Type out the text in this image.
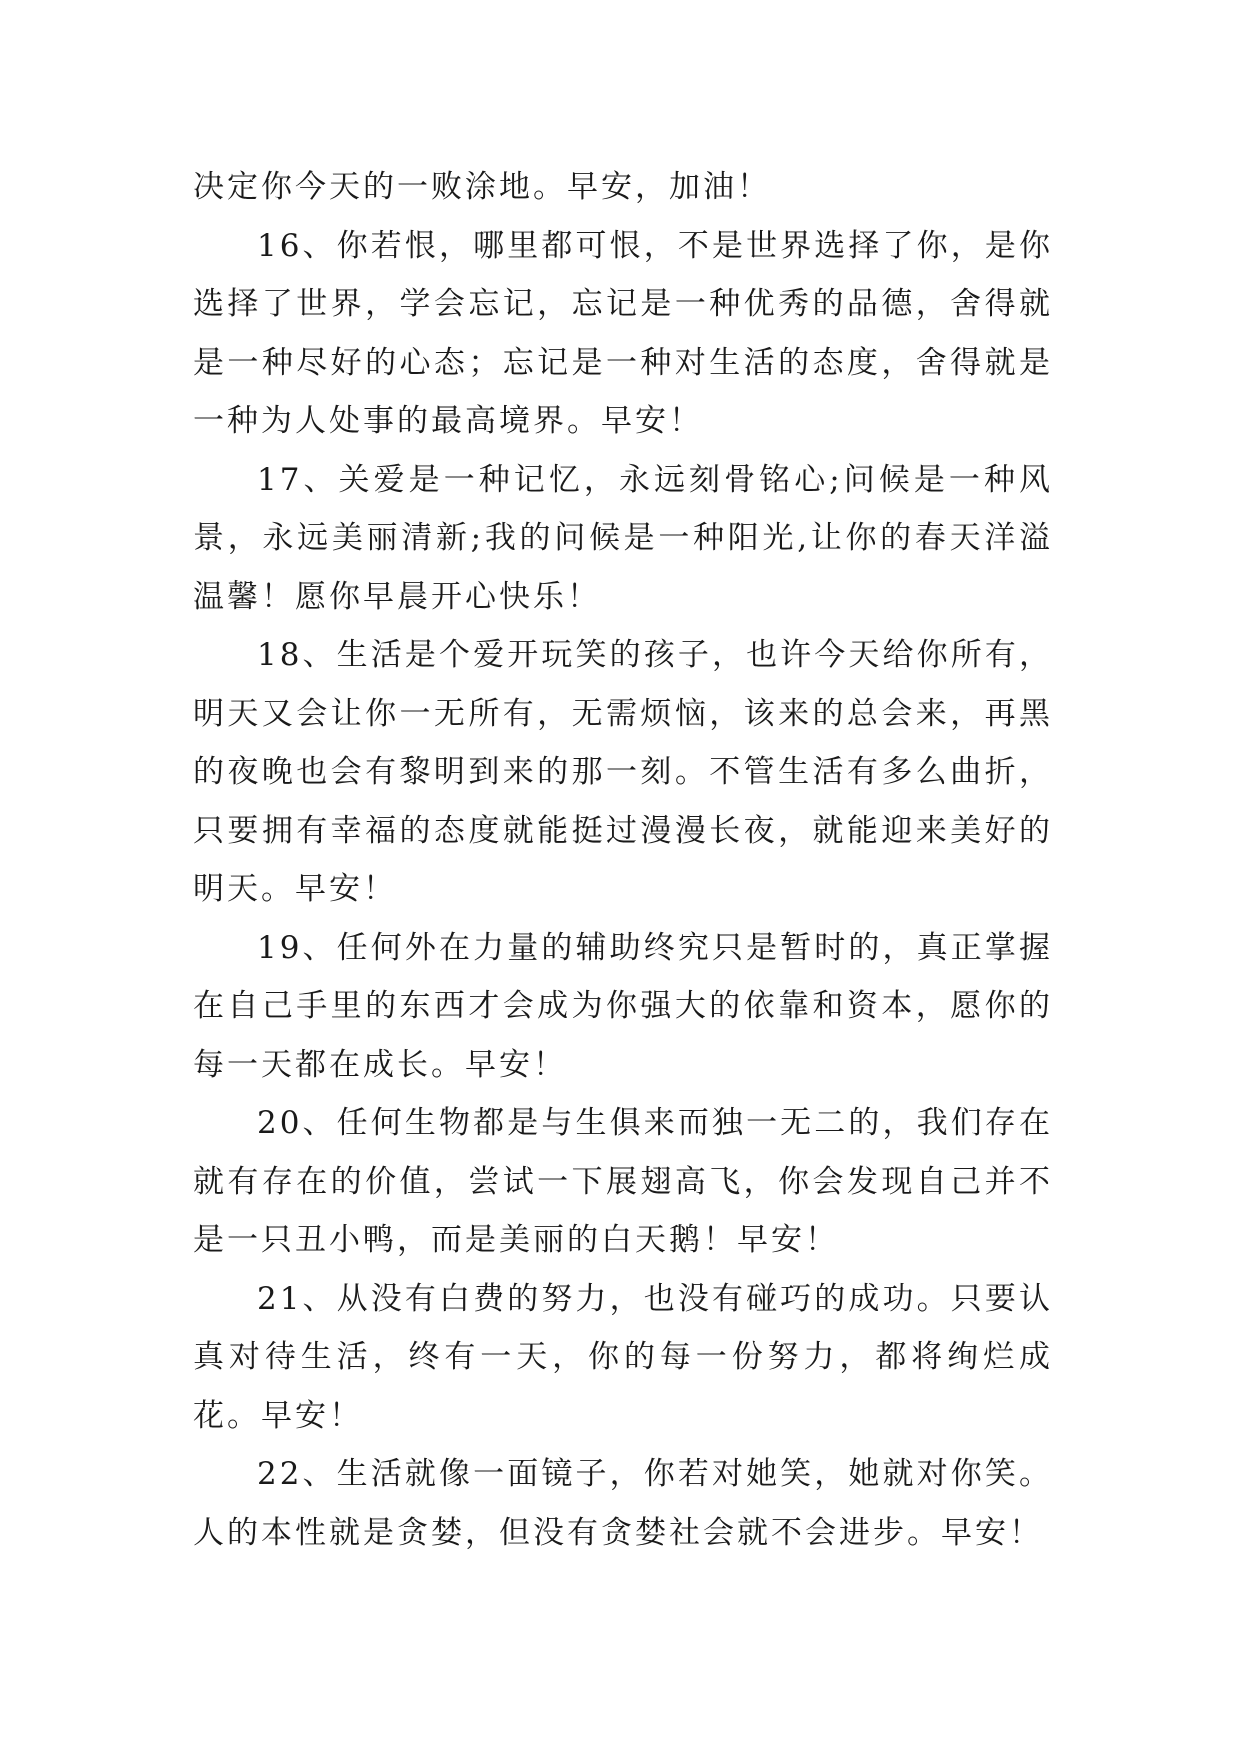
决定你今天的一败涂地。早安，加油！

16、你若恨，哪里都可恨，不是世界选择了你，是你选择了世界，学会忘记，忘记是一种优秀的品德，舍得就是一种尽好的心态；忘记是一种对生活的态度，舍得就是一种为人处事的最高境界。早安！

17、关爱是一种记忆，永远刻骨铭心;问候是一种风景，永远美丽清新;我的问候是一种阳光,让你的春天洋溢温馨！愿你早晨开心快乐！

18、生活是个爱开玩笑的孩子，也许今天给你所有，明天又会让你一无所有，无需烦恼，该来的总会来，再黑的夜晚也会有黎明到来的那一刻。不管生活有多么曲折，只要拥有幸福的态度就能挺过漫漫长夜，就能迎来美好的明天。早安！

19、任何外在力量的辅助终究只是暂时的，真正掌握在自己手里的东西才会成为你强大的依靠和资本，愿你的每一天都在成长。早安！

20、任何生物都是与生俱来而独一无二的，我们存在就有存在的价值，尝试一下展翅高飞，你会发现自己并不是一只丑小鸭，而是美丽的白天鹅！早安！

21、从没有白费的努力，也没有碰巧的成功。只要认真对待生活，终有一天，你的每一份努力，都将绚烂成花。早安！

22、生活就像一面镜子，你若对她笑，她就对你笑。人的本性就是贪婪，但没有贪婪社会就不会进步。早安！
